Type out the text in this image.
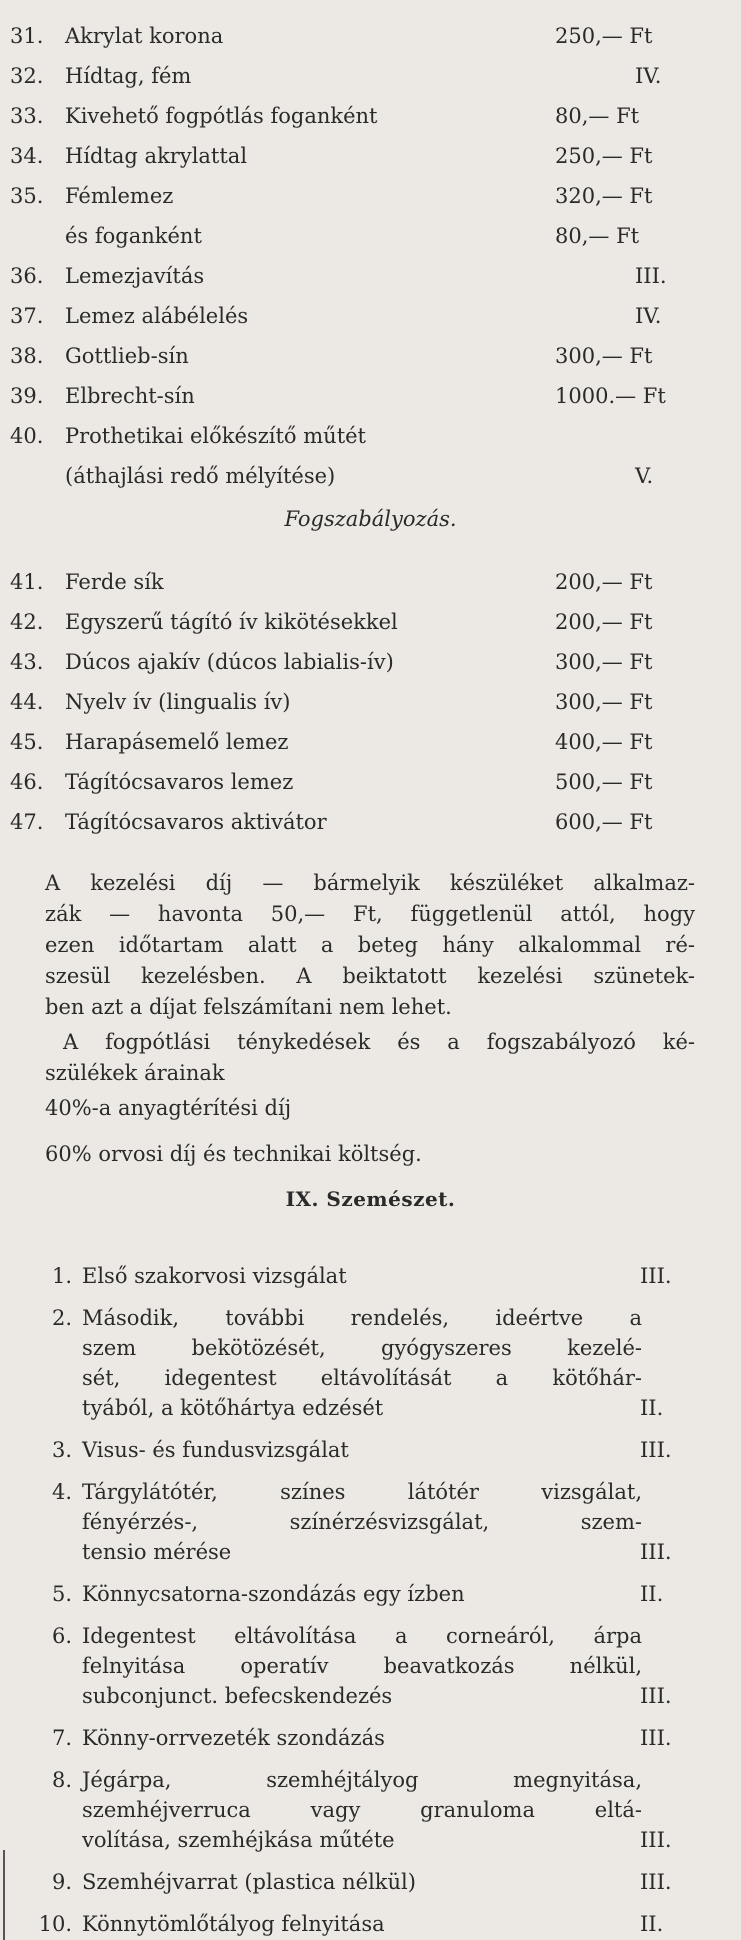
31.	Akrylat korona	250,— Ft
32.	Hídtag, fém	IV.
33.	Kivehető fogpótlás foganként	80,— Ft
34.	Hídtag akrylattal	250,— Ft
35.	Fémlemez	320,— Ft
és foganként	80,— Ft
36.	Lemezjavítás	III.
37.	Lemez alábélelés	IV.
38.	Gottlieb-sín	300,— Ft
39.	Elbrecht-sín	1000.— Ft
40.	Prothetikai előkészítő műtét
(áthajlási redő mélyítése)	V.
Fogszabályozás.
41.	Ferde sík	200,— Ft
42.	Egyszerű tágító ív kikötésekkel	200,— Ft
43.	Dúcos ajakív (dúcos labialis-ív)	300,— Ft
44.	Nyelv ív (lingualis ív)	300,— Ft
45.	Harapásemelő lemez	400,— Ft
46.	Tágítócsavaros lemez	500,— Ft
47.	Tágítócsavaros aktivátor	600,— Ft
A kezelési díj — bármelyik készüléket alkalmaz-
zák — havonta 50,— Ft, függetlenül attól, hogy
ezen időtartam alatt a beteg hány alkalommal ré-
szesül kezelésben. A beiktatott kezelési szünetek-
ben azt a díjat felszámítani nem lehet.
A fogpótlási ténykedések és a fogszabályozó ké-
szülékek árainak
40%-a anyagtérítési díj
60% orvosi díj és technikai költség.
IX. Szemészet.
1. Első szakorvosi vizsgálat	III.
2. Második, további rendelés, ideértve a
szem bekötözését, gyógyszeres kezelé-
sét, idegentest eltávolítását a kötőhár-
tyából, a kötőhártya edzését	II.
3. Visus- és fundusvizsgálat	III.
4. Tárgylátótér, színes látótér vizsgálat,
fényérzés-, színérzésvizsgálat, szem-
tensio mérése	III.
5. Könnycsatorna-szondázás egy ízben	II.
6. Idegentest eltávolítása a corneáról, árpa
felnyitása operatív beavatkozás nélkül,
subconjunct. befecskendezés	III.
7. Könny-orrvezeték szondázás	III.
8. Jégárpa, szemhéjtályog megnyitása,
szemhéjverruca vagy granuloma eltá-
volítása, szemhéjkása műtéte	III.
9. Szemhéjvarrat (plastica nélkül)	III.
10. Könnytömlőtályog felnyitása	II.
